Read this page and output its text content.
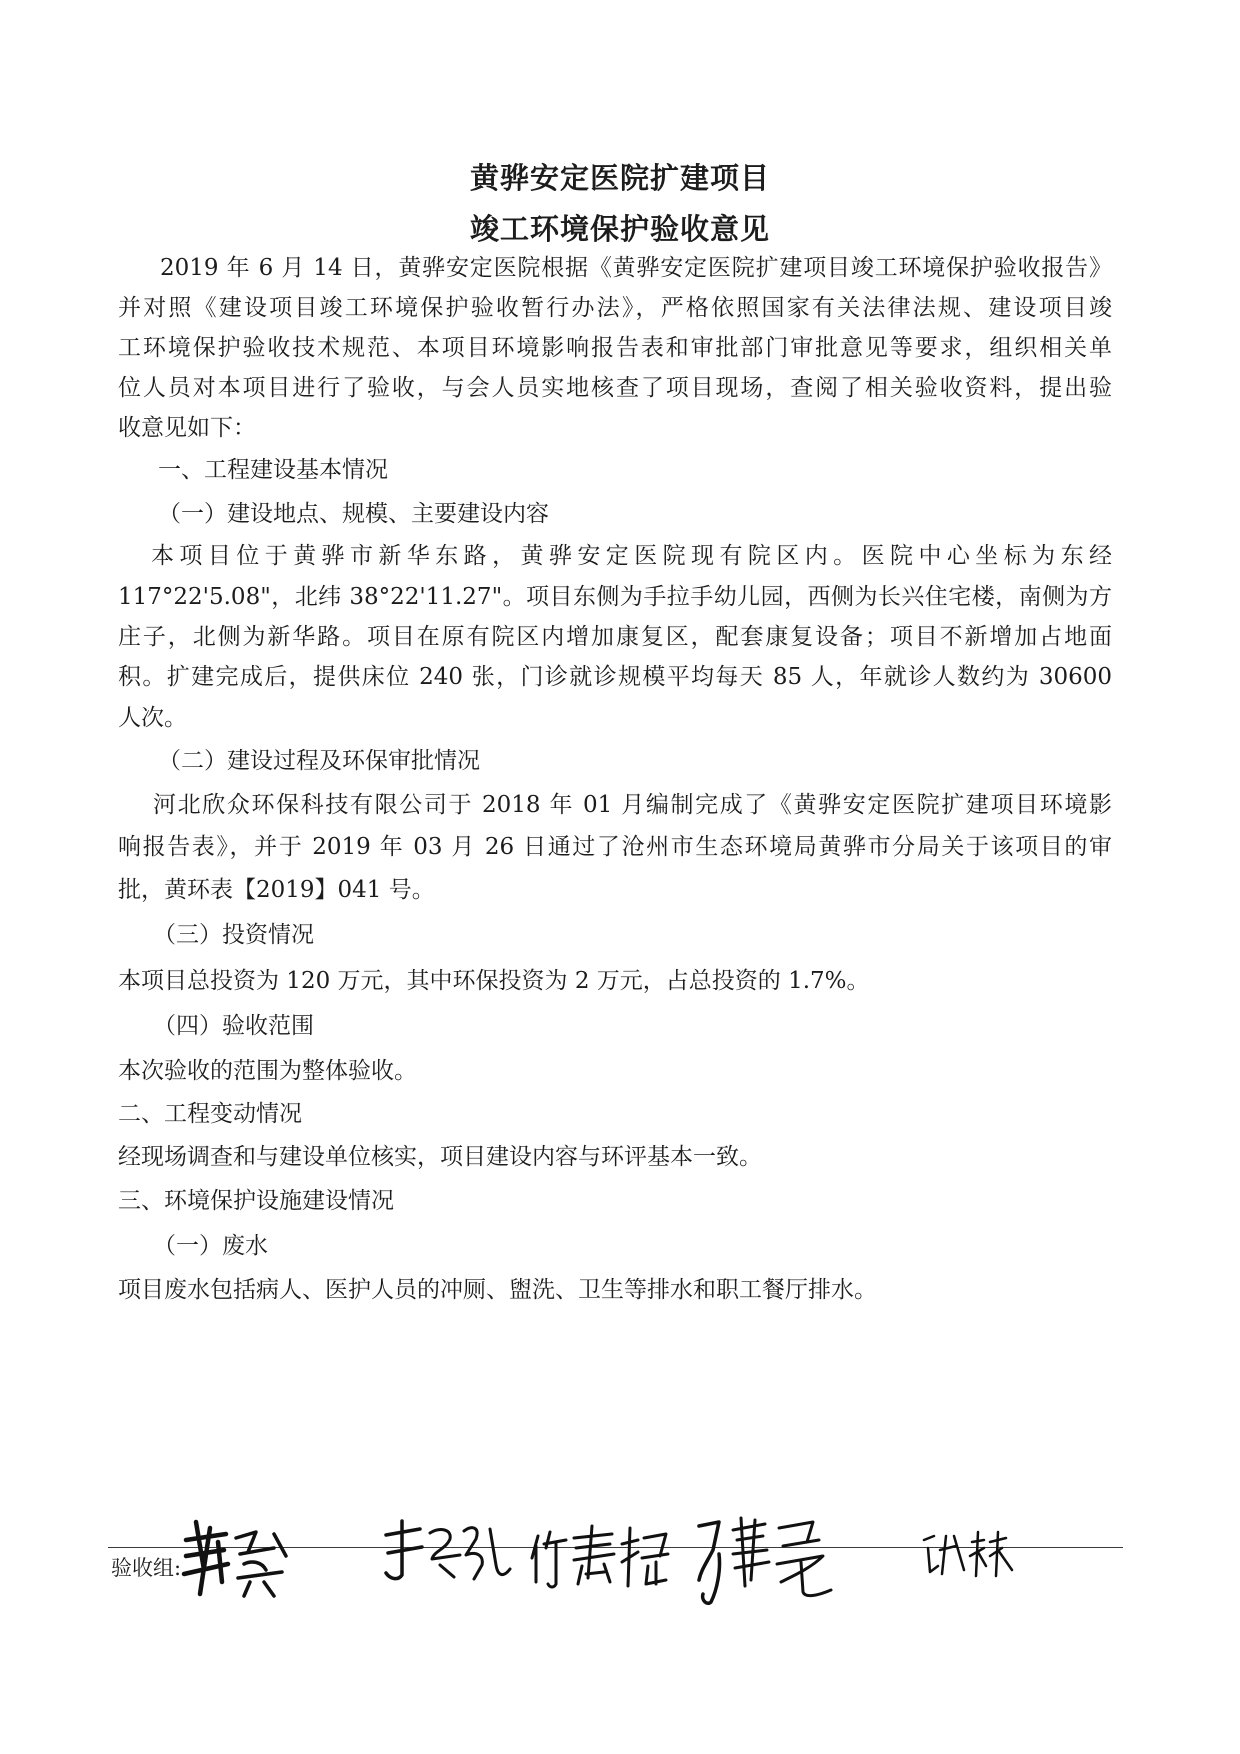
黄骅安定医院扩建项目
竣工环境保护验收意见
2019 年 6 月 14 日，黄骅安定医院根据《黄骅安定医院扩建项目竣工环境保护验收报告》
并对照《建设项目竣工环境保护验收暂行办法》，严格依照国家有关法律法规、建设项目竣
工环境保护验收技术规范、本项目环境影响报告表和审批部门审批意见等要求，组织相关单
位人员对本项目进行了验收，与会人员实地核查了项目现场，查阅了相关验收资料，提出验
收意见如下：
一、工程建设基本情况
（一）建设地点、规模、主要建设内容
本项目位于黄骅市新华东路，黄骅安定医院现有院区内。医院中心坐标为东经
117°22'5.08"，北纬 38°22'11.27"。项目东侧为手拉手幼儿园，西侧为长兴住宅楼，南侧为方
庄子，北侧为新华路。项目在原有院区内增加康复区，配套康复设备；项目不新增加占地面
积。扩建完成后，提供床位 240 张，门诊就诊规模平均每天 85 人，年就诊人数约为 30600
人次。
（二）建设过程及环保审批情况
河北欣众环保科技有限公司于 2018 年 01 月编制完成了《黄骅安定医院扩建项目环境影
响报告表》，并于 2019 年 03 月 26 日通过了沧州市生态环境局黄骅市分局关于该项目的审
批，黄环表【2019】041 号。
（三）投资情况
本项目总投资为 120 万元，其中环保投资为 2 万元，占总投资的 1.7%。
（四）验收范围
本次验收的范围为整体验收。
二、工程变动情况
经现场调查和与建设单位核实，项目建设内容与环评基本一致。
三、环境保护设施建设情况
（一）废水
项目废水包括病人、医护人员的冲厕、盥洗、卫生等排水和职工餐厅排水。
验收组:
